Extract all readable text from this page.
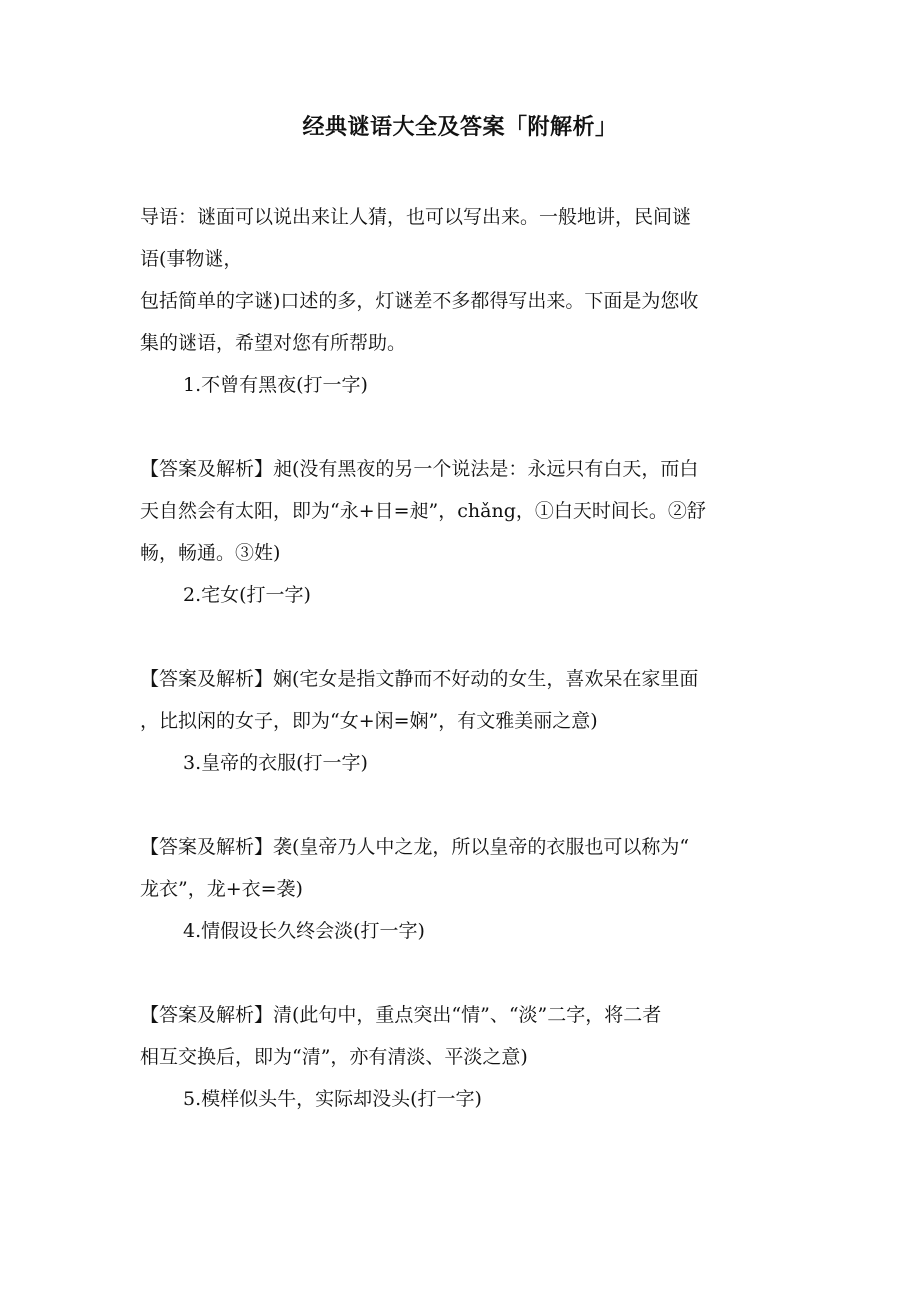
经典谜语大全及答案「附解析」
导语：谜面可以说出来让人猜，也可以写出来。一般地讲，民间谜
语(事物谜，
包括简单的字谜)口述的多，灯谜差不多都得写出来。下面是为您收
集的谜语，希望对您有所帮助。
1.不曾有黑夜(打一字)
【答案及解析】昶(没有黑夜的另一个说法是：永远只有白天，而白
天自然会有太阳，即为“永+日=昶”，chǎng，①白天时间长。②舒
畅，畅通。③姓)
2.宅女(打一字)
【答案及解析】娴(宅女是指文静而不好动的女生，喜欢呆在家里面
，比拟闲的女子，即为“女+闲=娴”，有文雅美丽之意)
3.皇帝的衣服(打一字)
【答案及解析】袭(皇帝乃人中之龙，所以皇帝的衣服也可以称为“
龙衣”，龙+衣=袭)
4.情假设长久终会淡(打一字)
【答案及解析】清(此句中，重点突出“情”、“淡”二字，将二者
相互交换后，即为“清”，亦有清淡、平淡之意)
5.模样似头牛，实际却没头(打一字)
